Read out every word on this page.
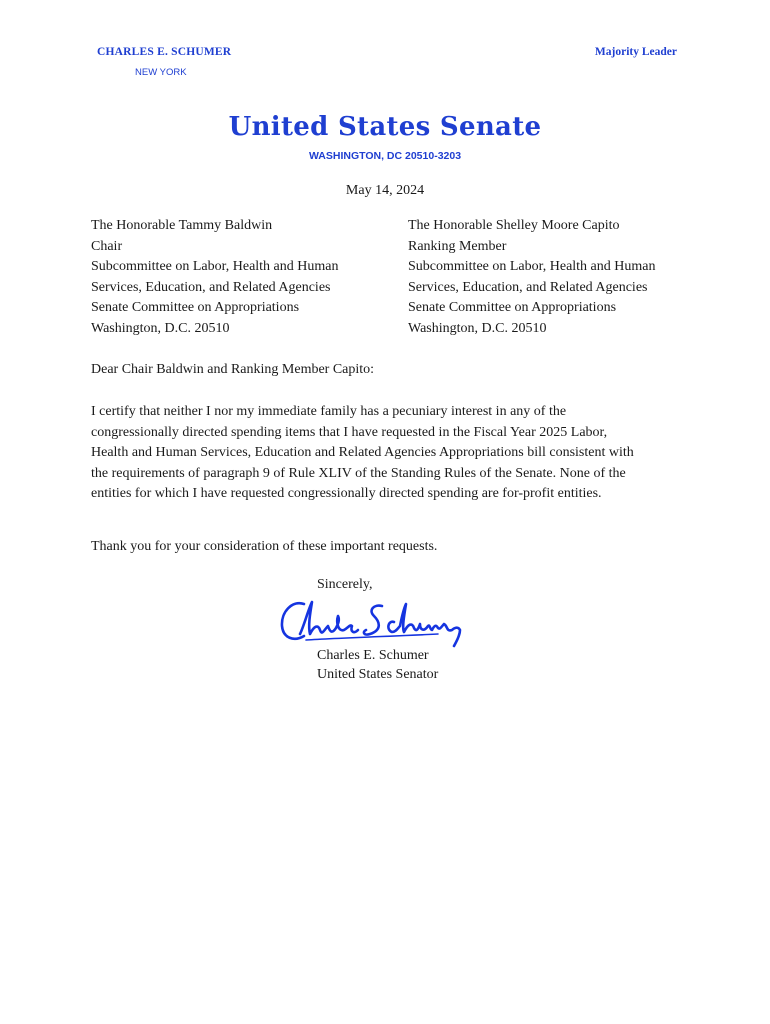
CHARLES E. SCHUMER
NEW YORK
Majority Leader
United States Senate
WASHINGTON, DC 20510-3203
May 14, 2024
The Honorable Tammy Baldwin
Chair
Subcommittee on Labor, Health and Human
Services, Education, and Related Agencies
Senate Committee on Appropriations
Washington, D.C. 20510
The Honorable Shelley Moore Capito
Ranking Member
Subcommittee on Labor, Health and Human
Services, Education, and Related Agencies
Senate Committee on Appropriations
Washington, D.C. 20510
Dear Chair Baldwin and Ranking Member Capito:
I certify that neither I nor my immediate family has a pecuniary interest in any of the
congressionally directed spending items that I have requested in the Fiscal Year 2025 Labor,
Health and Human Services, Education and Related Agencies Appropriations bill consistent with
the requirements of paragraph 9 of Rule XLIV of the Standing Rules of the Senate. None of the
entities for which I have requested congressionally directed spending are for-profit entities.
Thank you for your consideration of these important requests.
Sincerely,
Charles E. Schumer
United States Senator
